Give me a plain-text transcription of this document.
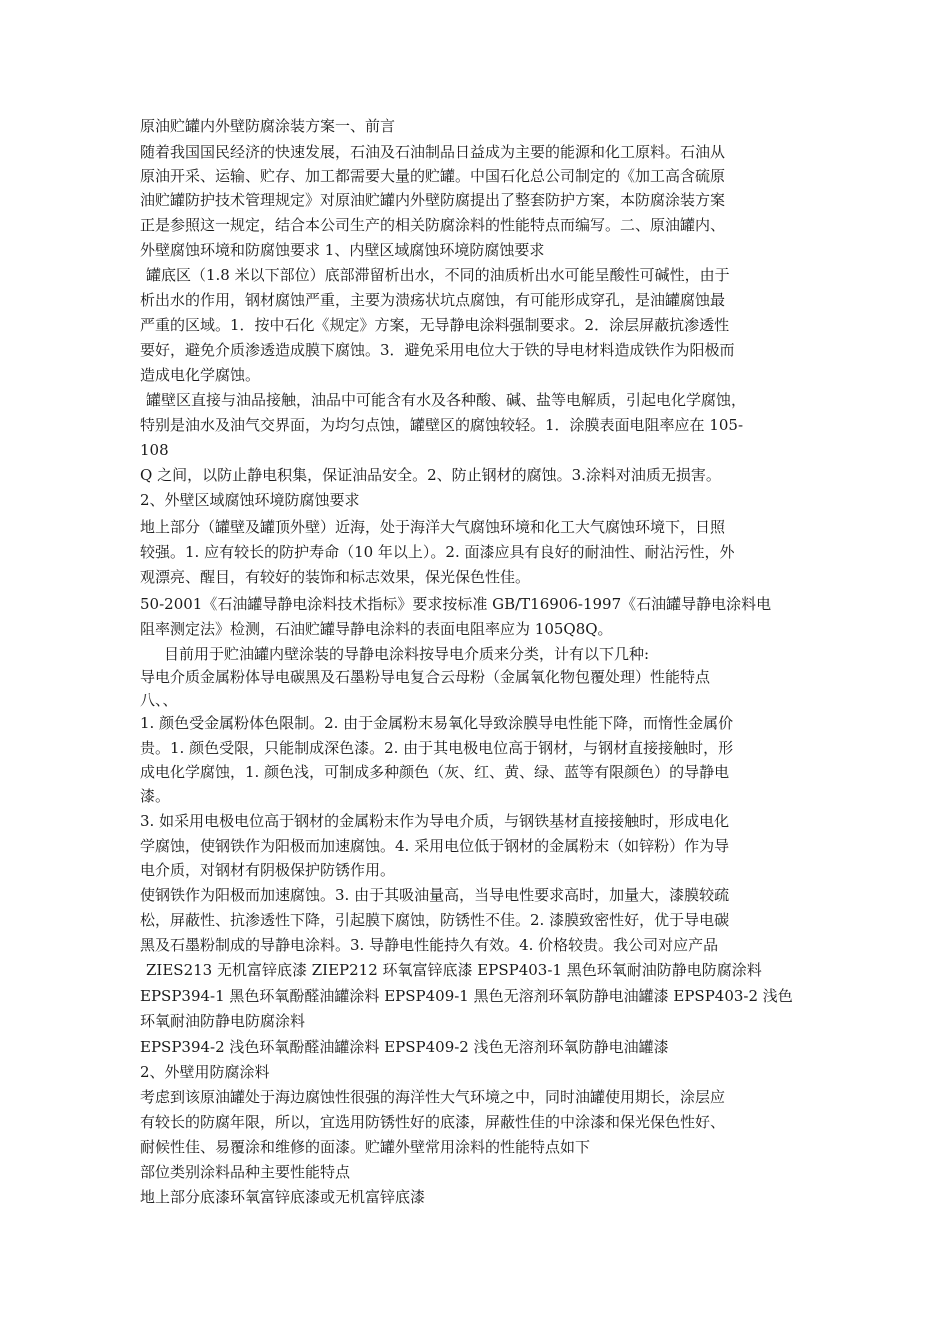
原油贮罐内外壁防腐涂装方案一、前言
随着我国国民经济的快速发展，石油及石油制品日益成为主要的能源和化工原料。石油从
原油开采、运输、贮存、加工都需要大量的贮罐。中国石化总公司制定的《加工高含硫原
油贮罐防护技术管理规定》对原油贮罐内外壁防腐提出了整套防护方案，本防腐涂装方案
正是参照这一规定，结合本公司生产的相关防腐涂料的性能特点而编写。二、原油罐内、
外壁腐蚀环境和防腐蚀要求 1、内壁区域腐蚀环境防腐蚀要求
罐底区（1.8 米以下部位）底部滞留析出水，不同的油质析出水可能呈酸性可碱性，由于
析出水的作用，钢材腐蚀严重，主要为溃疡状坑点腐蚀，有可能形成穿孔，是油罐腐蚀最
严重的区域。1．按中石化《规定》方案，无导静电涂料强制要求。2．涂层屏蔽抗渗透性
要好，避免介质渗透造成膜下腐蚀。3．避免采用电位大于铁的导电材料造成铁作为阳极而
造成电化学腐蚀。
罐壁区直接与油品接触，油品中可能含有水及各种酸、碱、盐等电解质，引起电化学腐蚀，
特别是油水及油气交界面，为均匀点蚀，罐壁区的腐蚀较轻。1．涂膜表面电阻率应在 105-
108
Q 之间，以防止静电积集，保证油品安全。2、防止钢材的腐蚀。3.涂料对油质无损害。
2、外壁区域腐蚀环境防腐蚀要求
地上部分（罐壁及罐顶外壁）近海，处于海洋大气腐蚀环境和化工大气腐蚀环境下，日照
较强。1. 应有较长的防护寿命（10 年以上）。2. 面漆应具有良好的耐油性、耐沾污性，外
观漂亮、醒目，有较好的装饰和标志效果，保光保色性佳。
50-2001《石油罐导静电涂料技术指标》要求按标准 GB/T16906-1997《石油罐导静电涂料电
阻率测定法》检测，石油贮罐导静电涂料的表面电阻率应为 105Q8Q。
目前用于贮油罐内壁涂装的导静电涂料按导电介质来分类，计有以下几种:
导电介质金属粉体导电碳黑及石墨粉导电复合云母粉（金属氧化物包覆处理）性能特点
八、、
1. 颜色受金属粉体色限制。2. 由于金属粉末易氧化导致涂膜导电性能下降，而惰性金属价
贵。1. 颜色受限，只能制成深色漆。2. 由于其电极电位高于钢材，与钢材直接接触时，形
成电化学腐蚀，1. 颜色浅，可制成多种颜色（灰、红、黄、绿、蓝等有限颜色）的导静电
漆。
3. 如采用电极电位高于钢材的金属粉末作为导电介质，与钢铁基材直接接触时，形成电化
学腐蚀，使钢铁作为阳极而加速腐蚀。4. 采用电位低于钢材的金属粉末（如锌粉）作为导
电介质，对钢材有阴极保护防锈作用。
使钢铁作为阳极而加速腐蚀。3. 由于其吸油量高，当导电性要求高时，加量大，漆膜较疏
松，屏蔽性、抗渗透性下降，引起膜下腐蚀，防锈性不佳。2. 漆膜致密性好，优于导电碳
黑及石墨粉制成的导静电涂料。3. 导静电性能持久有效。4. 价格较贵。我公司对应产品
ZIES213 无机富锌底漆 ZIEP212 环氧富锌底漆 EPSP403-1 黑色环氧耐油防静电防腐涂料
EPSP394-1 黑色环氧酚醛油罐涂料 EPSP409-1 黑色无溶剂环氧防静电油罐漆 EPSP403-2 浅色
环氧耐油防静电防腐涂料
EPSP394-2 浅色环氧酚醛油罐涂料 EPSP409-2 浅色无溶剂环氧防静电油罐漆
2、外壁用防腐涂料
考虑到该原油罐处于海边腐蚀性很强的海洋性大气环境之中，同时油罐使用期长，涂层应
有较长的防腐年限，所以，宜选用防锈性好的底漆，屏蔽性佳的中涂漆和保光保色性好、
耐候性佳、易覆涂和维修的面漆。贮罐外壁常用涂料的性能特点如下
部位类别涂料品种主要性能特点
地上部分底漆环氧富锌底漆或无机富锌底漆
